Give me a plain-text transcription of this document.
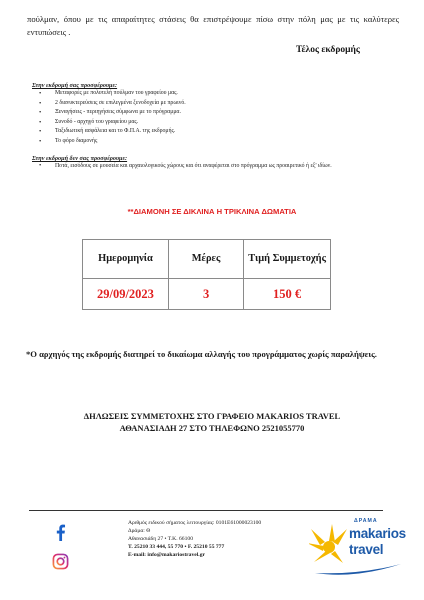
πούλμαν, όπου με τις απαραίτητες στάσεις θα επιστρέψουμε πίσω στην πόλη μας με τις καλύτερες εντυπώσεις .
Τέλος εκδρομής
Στην εκδρομή σας προσφέρουμε:
• Μεταφορές με πολυτελή πούλμαν του γραφείου μας.
• 2 διανυκτερεύσεις σε επιλεγμένα ξενοδοχεία με πρωινό.
• Ξεναγήσεις - περιηγήσεις σύμφωνα με το πρόγραμμα.
• Συνοδό - αρχηγό του γραφείου μας.
• Ταξιδιωτική ασφάλεια και το Φ.Π.Α. της εκδρομής.
• Το φόρο διαμονής
Στην εκδρομή δεν σας προσφέρουμε:
• Ποτά, εισόδους σε μουσεία και αρχαιολογικούς χώρους και ότι αναφέρεται στο πρόγραμμα ως προαιρετικό ή εξ' ιδίων.
**ΔΙΑΜΟΝΗ ΣΕ ΔΙΚΛΙΝΑ Η ΤΡΙΚΛΙΝΑ ΔΩΜΑΤΙΑ
Ημερομηνία	Μέρες	Τιμή Συμμετοχής
29/09/2023	3	150 €
*Ο αρχηγός της εκδρομής διατηρεί το δικαίωμα αλλαγής του προγράμματος χωρίς παραλήψεις.
ΔΗΛΩΣΕΙΣ ΣΥΜΜΕΤΟΧΗΣ ΣΤΟ ΓΡΑΦΕΙΟ MAKARIOS TRAVEL
ΑΘΑΝΑΣΙΑΔΗ 27 ΣΤΟ ΤΗΛΕΦΩΝΟ 2521055770
Αριθμός ειδικού σήματος λειτουργίας: 0101Ε61000023100
Δράμα: Θ
Αθανασιάδη 27 • Τ.Κ. 66100
Τ. 25210 33 444, 55 770 • F. 25210 55 777
E-mail: info@makariostravel.gr
ΔΡΑΜΑ
makarios
travel
